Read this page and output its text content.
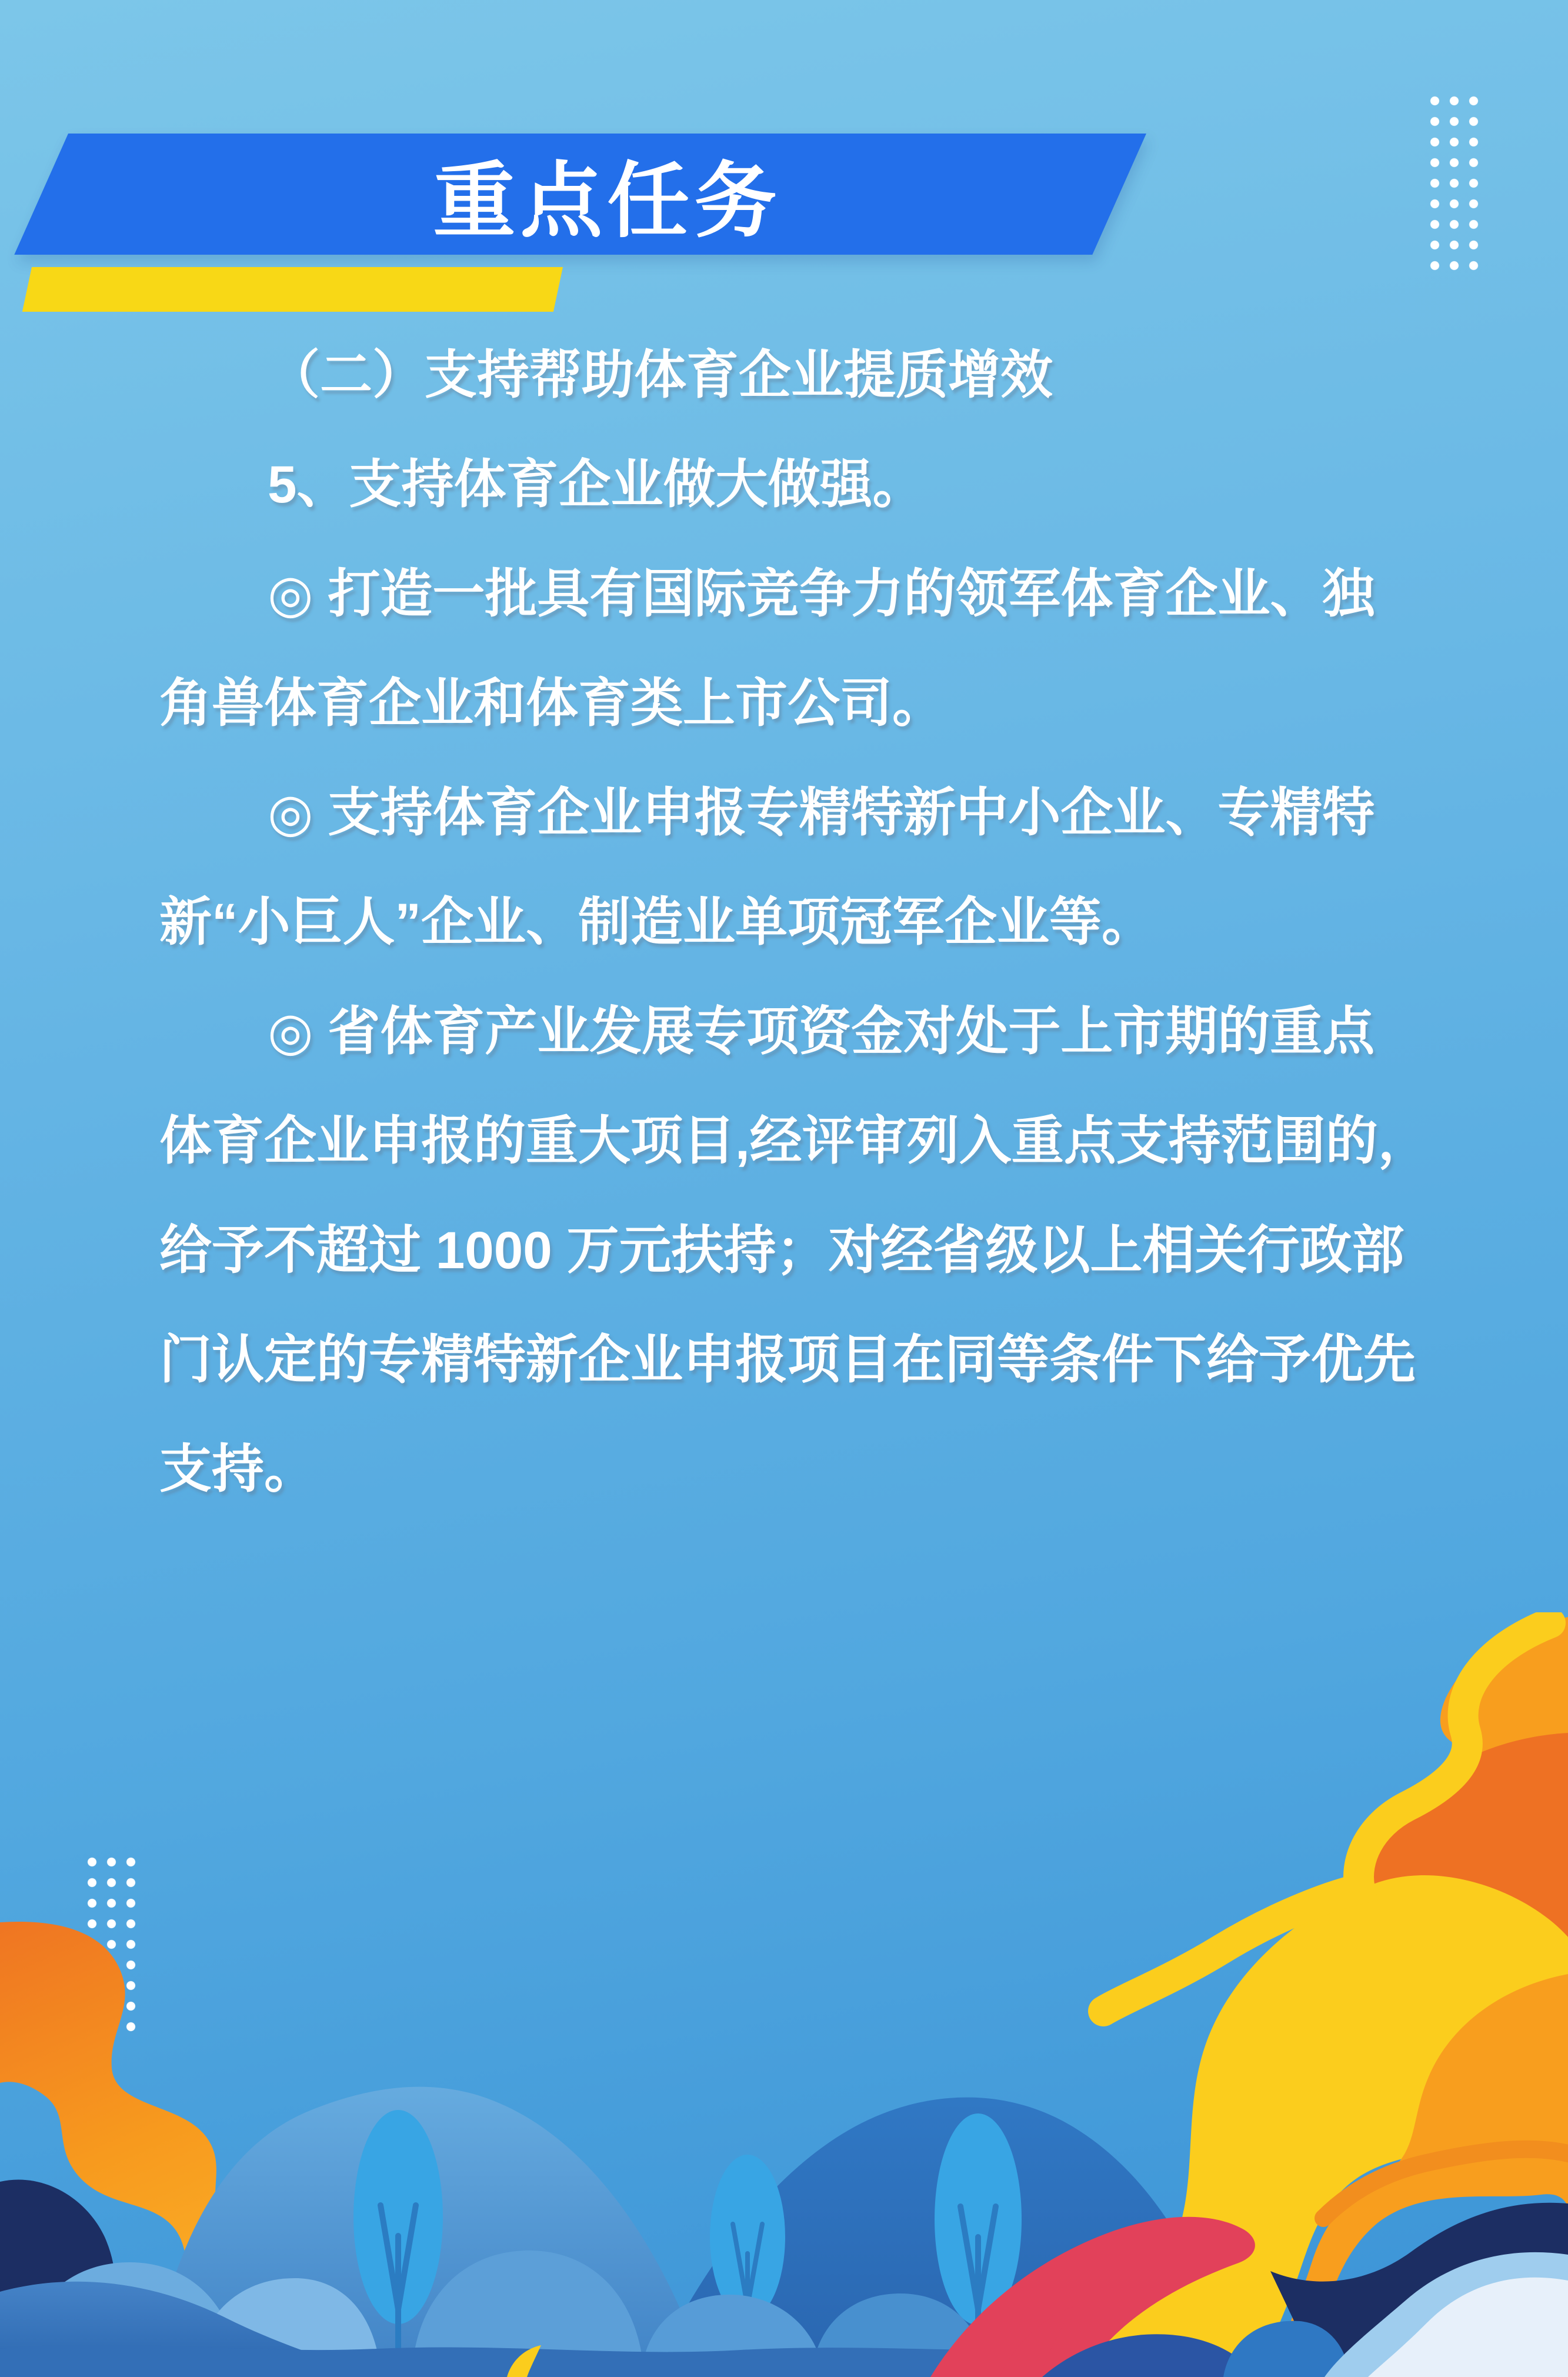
重点任务
（二）支持帮助体育企业提质增效
5、支持体育企业做大做强。
◎ 打造一批具有国际竞争力的领军体育企业、独
角兽体育企业和体育类上市公司。
◎ 支持体育企业申报专精特新中小企业、专精特
新“小巨人”企业、制造业单项冠军企业等。
◎ 省体育产业发展专项资金对处于上市期的重点
体育企业申报的重大项目,经评审列入重点支持范围的，
给予不超过 1000 万元扶持；对经省级以上相关行政部
门认定的专精特新企业申报项目在同等条件下给予优先
支持。
